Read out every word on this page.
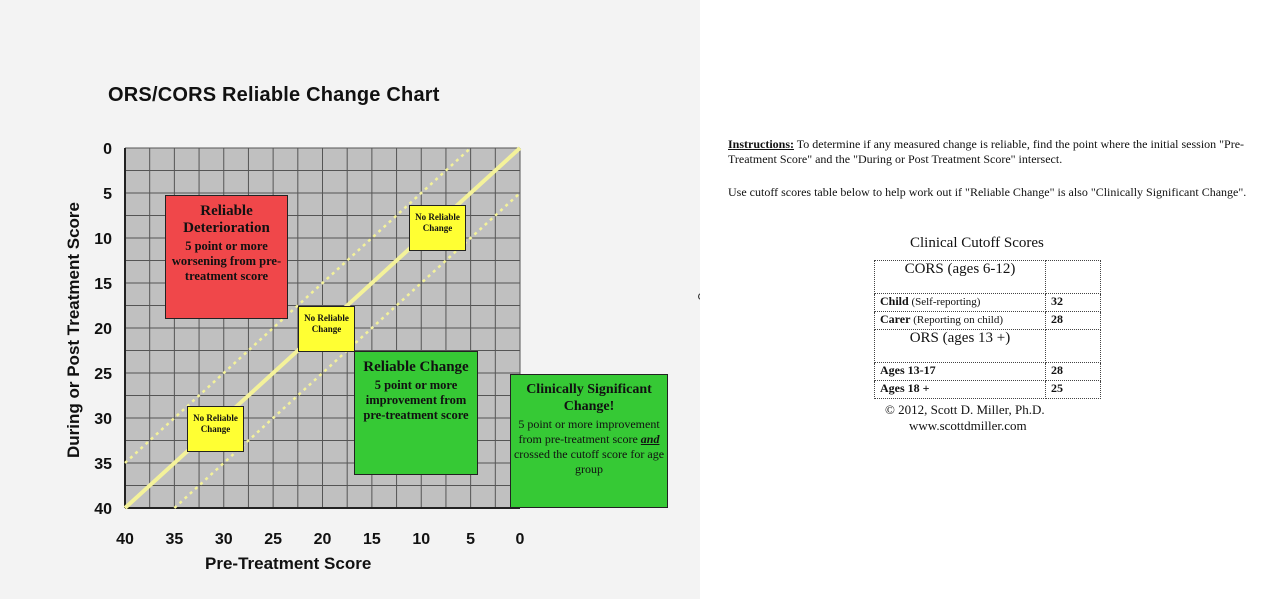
40 35 30 25 20 15 10 5	0
0
5
10
15
20
25
30
35
40
ORS/CORS Reliable Change Chart
Pre-Treatment Score
During or Post Treatment Score	Reliable Deterioration
5 point or more worsening from pre-treatment score
Reliable Change
5 point or more improvement from pre-treatment score
Clinically Significant Change!
5 point or more improvement from pre-treatment score and crossed the cutoff score for age group
No Reliable Change
No Reliable Change
No Reliable Change
Instructions: To determine if any measured change is reliable, find the point where the initial session "Pre-Treatment Score" and the "During or Post Treatment Score" intersect.
Use cutoff scores table below to help work out if "Reliable Change" is also "Clinically Significant Change".
Clinical Cutoff Scores
CORS (ages 6-12)	
Child (Self-reporting)	32
Carer (Reporting on child)	28
ORS (ages 13 +)	
Ages 13-17	28
Ages 18 +	25
© 2012, Scott D. Miller, Ph.D.
www.scottdmiller.com
